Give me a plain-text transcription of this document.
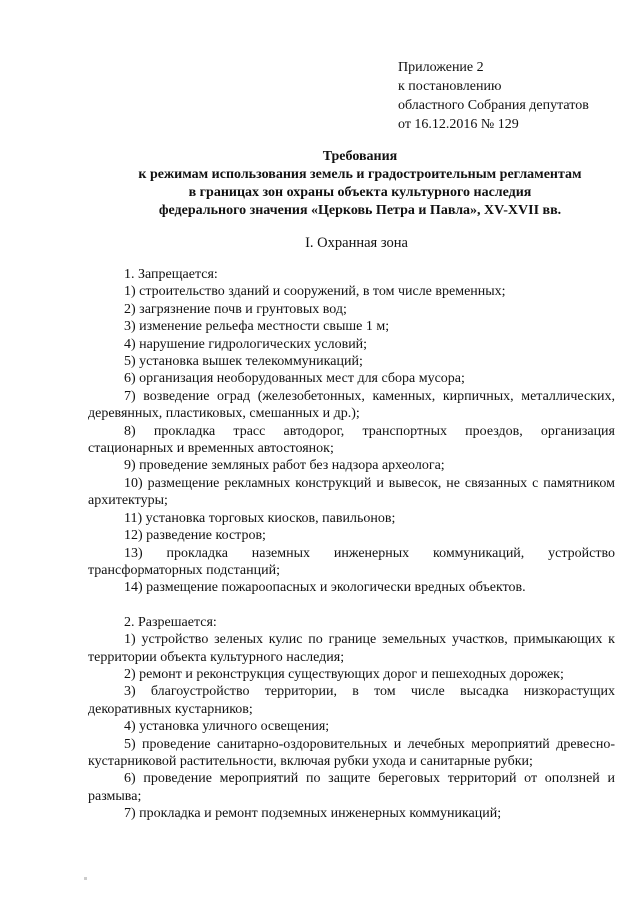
Приложение 2
к постановлению
областного Собрания депутатов
от 16.12.2016 № 129
Требования
к режимам использования земель и градостроительным регламентам
в границах зон охраны объекта культурного наследия
федерального значения «Церковь Петра и Павла», XV-XVII вв.
I. Охранная зона
1. Запрещается:
1) строительство зданий и сооружений, в том числе временных;
2) загрязнение почв и грунтовых вод;
3) изменение рельефа местности свыше 1 м;
4) нарушение гидрологических условий;
5) установка вышек телекоммуникаций;
6) организация необорудованных мест для сбора мусора;
7) возведение оград (железобетонных, каменных, кирпичных, металлических, деревянных, пластиковых, смешанных и др.);
8) прокладка трасс автодорог, транспортных проездов, организация стационарных и временных автостоянок;
9) проведение земляных работ без надзора археолога;
10) размещение рекламных конструкций и вывесок, не связанных с памятником архитектуры;
11) установка торговых киосков, павильонов;
12) разведение костров;
13) прокладка наземных инженерных коммуникаций, устройство трансформаторных подстанций;
14) размещение пожароопасных и экологически вредных объектов.
2. Разрешается:
1) устройство зеленых кулис по границе земельных участков, примыкающих к территории объекта культурного наследия;
2) ремонт и реконструкция существующих дорог и пешеходных дорожек;
3) благоустройство территории, в том числе высадка низкорастущих декоративных кустарников;
4) установка уличного освещения;
5) проведение санитарно-оздоровительных и лечебных мероприятий древесно-кустарниковой растительности, включая рубки ухода и санитарные рубки;
6) проведение мероприятий по защите береговых территорий от оползней и размыва;
7) прокладка и ремонт подземных инженерных коммуникаций;
